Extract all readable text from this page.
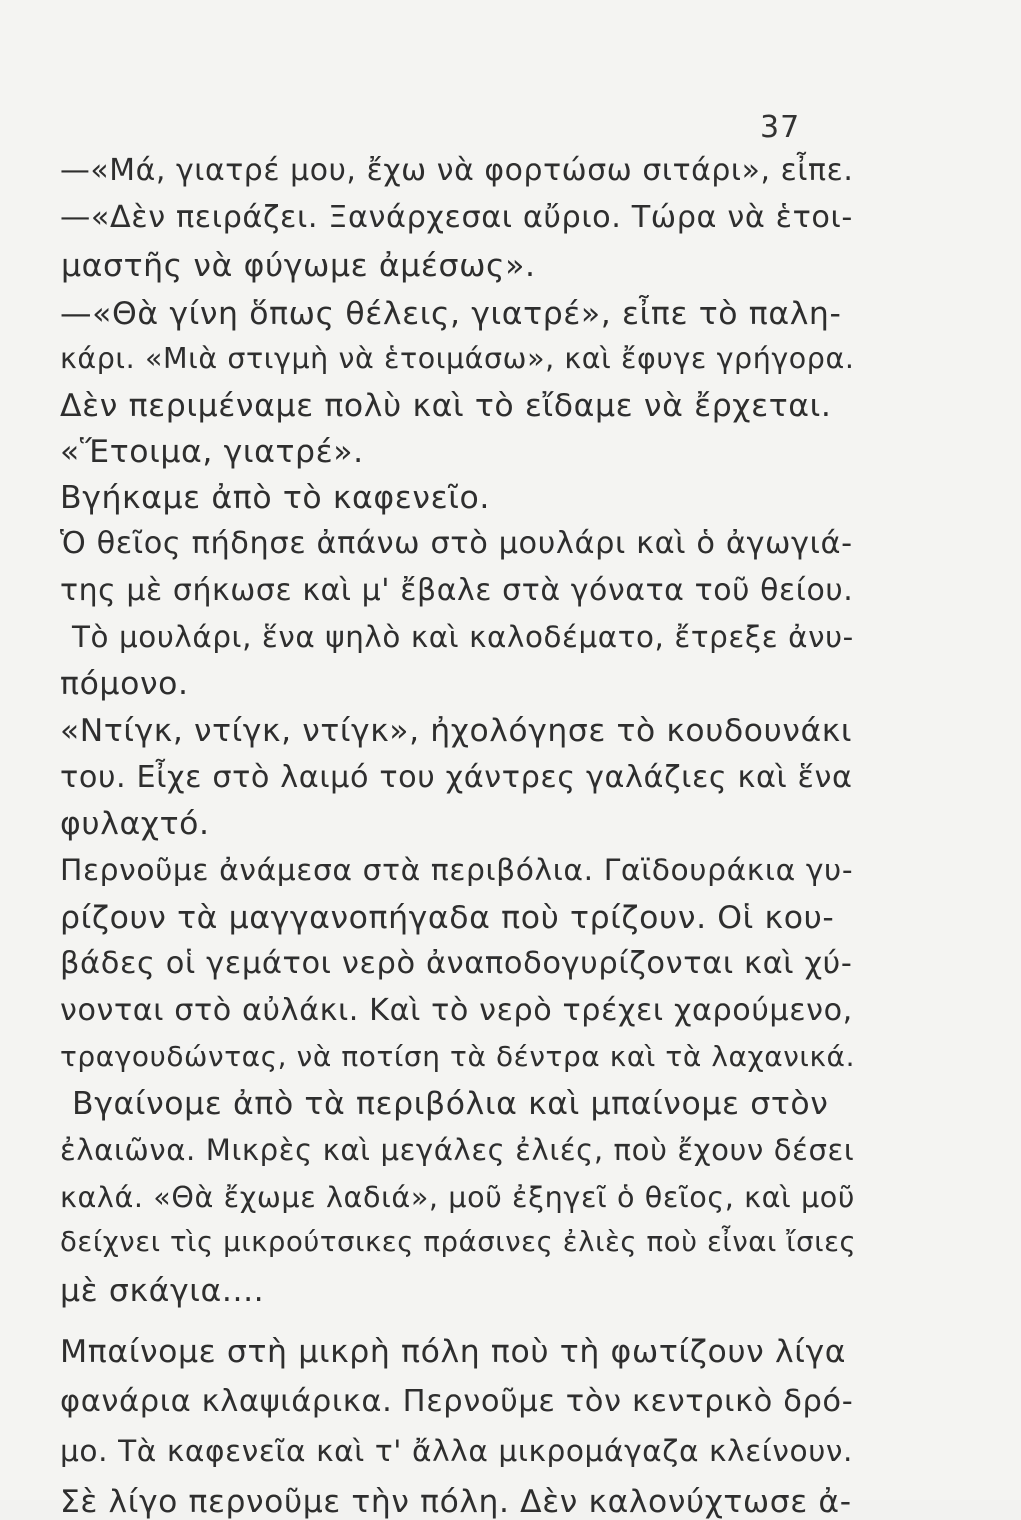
37
—«Μά, γιατρέ μου, ἔχω νὰ φορτώσω σιτάρι», εἶπε.
—«Δὲν πειράζει. Ξανάρχεσαι αὔριο. Τώρα νὰ ἑτοι-
μαστῆς νὰ φύγωμε ἀμέσως».
—«Θὰ γίνη ὅπως θέλεις, γιατρέ», εἶπε τὸ παλη-
κάρι. «Μιὰ στιγμὴ νὰ ἑτοιμάσω», καὶ ἔφυγε γρήγορα.
Δὲν περιμέναμε πολὺ καὶ τὸ εἴδαμε νὰ ἔρχεται.
«Ἕτοιμα, γιατρέ».
Βγήκαμε ἀπὸ τὸ καφενεῖο.
Ὁ θεῖος πήδησε ἀπάνω στὸ μουλάρι καὶ ὁ ἀγωγιά-
της μὲ σήκωσε καὶ μ' ἔβαλε στὰ γόνατα τοῦ θείου.
Τὸ μουλάρι, ἕνα ψηλὸ καὶ καλοδέματο, ἔτρεξε ἀνυ-
πόμονο.
«Ντίγκ, ντίγκ, ντίγκ», ἠχολόγησε τὸ κουδουνάκι
του. Εἶχε στὸ λαιμό του χάντρες γαλάζιες καὶ ἕνα
φυλαχτό.
Περνοῦμε ἀνάμεσα στὰ περιβόλια. Γαϊδουράκια γυ-
ρίζουν τὰ μαγγανοπήγαδα ποὺ τρίζουν. Οἱ κου-
βάδες οἱ γεμάτοι νερὸ ἀναποδογυρίζονται καὶ χύ-
νονται στὸ αὐλάκι. Καὶ τὸ νερὸ τρέχει χαρούμενο,
τραγουδώντας, νὰ ποτίση τὰ δέντρα καὶ τὰ λαχανικά.
Βγαίνομε ἀπὸ τὰ περιβόλια καὶ μπαίνομε στὸν
ἐλαιῶνα. Μικρὲς καὶ μεγάλες ἐλιές, ποὺ ἔχουν δέσει
καλά. «Θὰ ἔχωμε λαδιά», μοῦ ἐξηγεῖ ὁ θεῖος, καὶ μοῦ
δείχνει τὶς μικρούτσικες πράσινες ἐλιὲς ποὺ εἶναι ἴσιες
μὲ σκάγια....
Μπαίνομε στὴ μικρὴ πόλη ποὺ τὴ φωτίζουν λίγα
φανάρια κλαψιάρικα. Περνοῦμε τὸν κεντρικὸ δρό-
μο. Τὰ καφενεῖα καὶ τ' ἄλλα μικρομάγαζα κλείνουν.
Σὲ λίγο περνοῦμε τὴν πόλη. Δὲν καλονύχτωσε ἀ-
